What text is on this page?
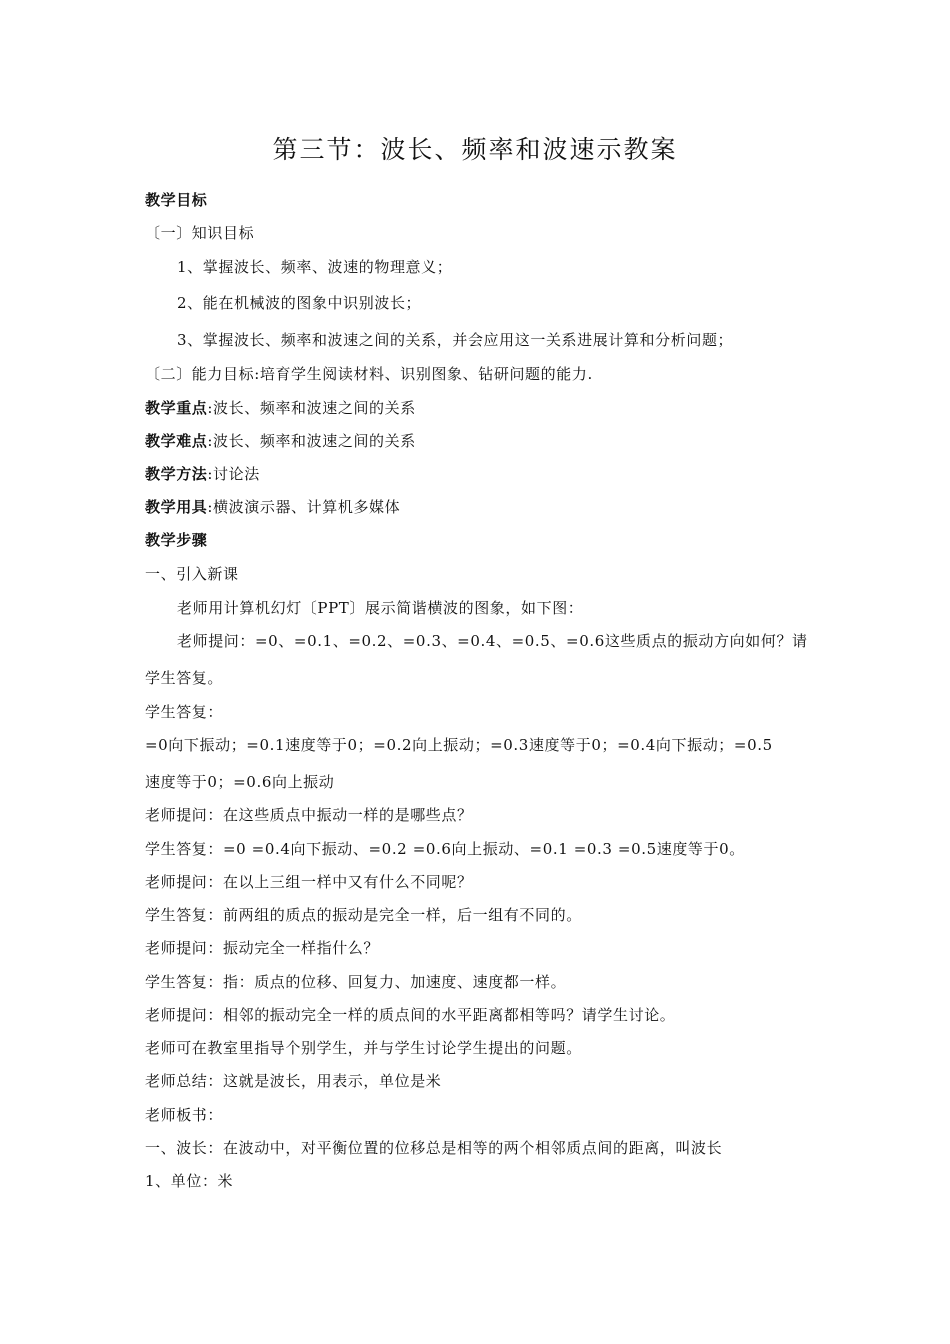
第三节：波长、频率和波速示教案
教学目标
〔一〕知识目标
1、掌握波长、频率、波速的物理意义；
2、能在机械波的图象中识别波长；
3、掌握波长、频率和波速之间的关系，并会应用这一关系进展计算和分析问题；
〔二〕能力目标:培育学生阅读材料、识别图象、钻研问题的能力.
教学重点:波长、频率和波速之间的关系
教学难点:波长、频率和波速之间的关系
教学方法:讨论法
教学用具:横波演示器、计算机多媒体
教学步骤
一、引入新课
老师用计算机幻灯〔PPT〕展示简谐横波的图象，如下图：
老师提问：=0、=0.1、=0.2、=0.3、=0.4、=0.5、=0.6这些质点的振动方向如何？请
学生答复。
学生答复：
=0向下振动；=0.1速度等于0；=0.2向上振动；=0.3速度等于0；=0.4向下振动；=0.5
速度等于0；=0.6向上振动
老师提问：在这些质点中振动一样的是哪些点？
学生答复：=0 =0.4向下振动、=0.2 =0.6向上振动、=0.1 =0.3 =0.5速度等于0。
老师提问：在以上三组一样中又有什么不同呢？
学生答复：前两组的质点的振动是完全一样，后一组有不同的。
老师提问：振动完全一样指什么？
学生答复：指：质点的位移、回复力、加速度、速度都一样。
老师提问：相邻的振动完全一样的质点间的水平距离都相等吗？请学生讨论。
老师可在教室里指导个别学生，并与学生讨论学生提出的问题。
老师总结：这就是波长，用表示，单位是米
老师板书：
一、波长：在波动中，对平衡位置的位移总是相等的两个相邻质点间的距离，叫波长
1、单位：米
